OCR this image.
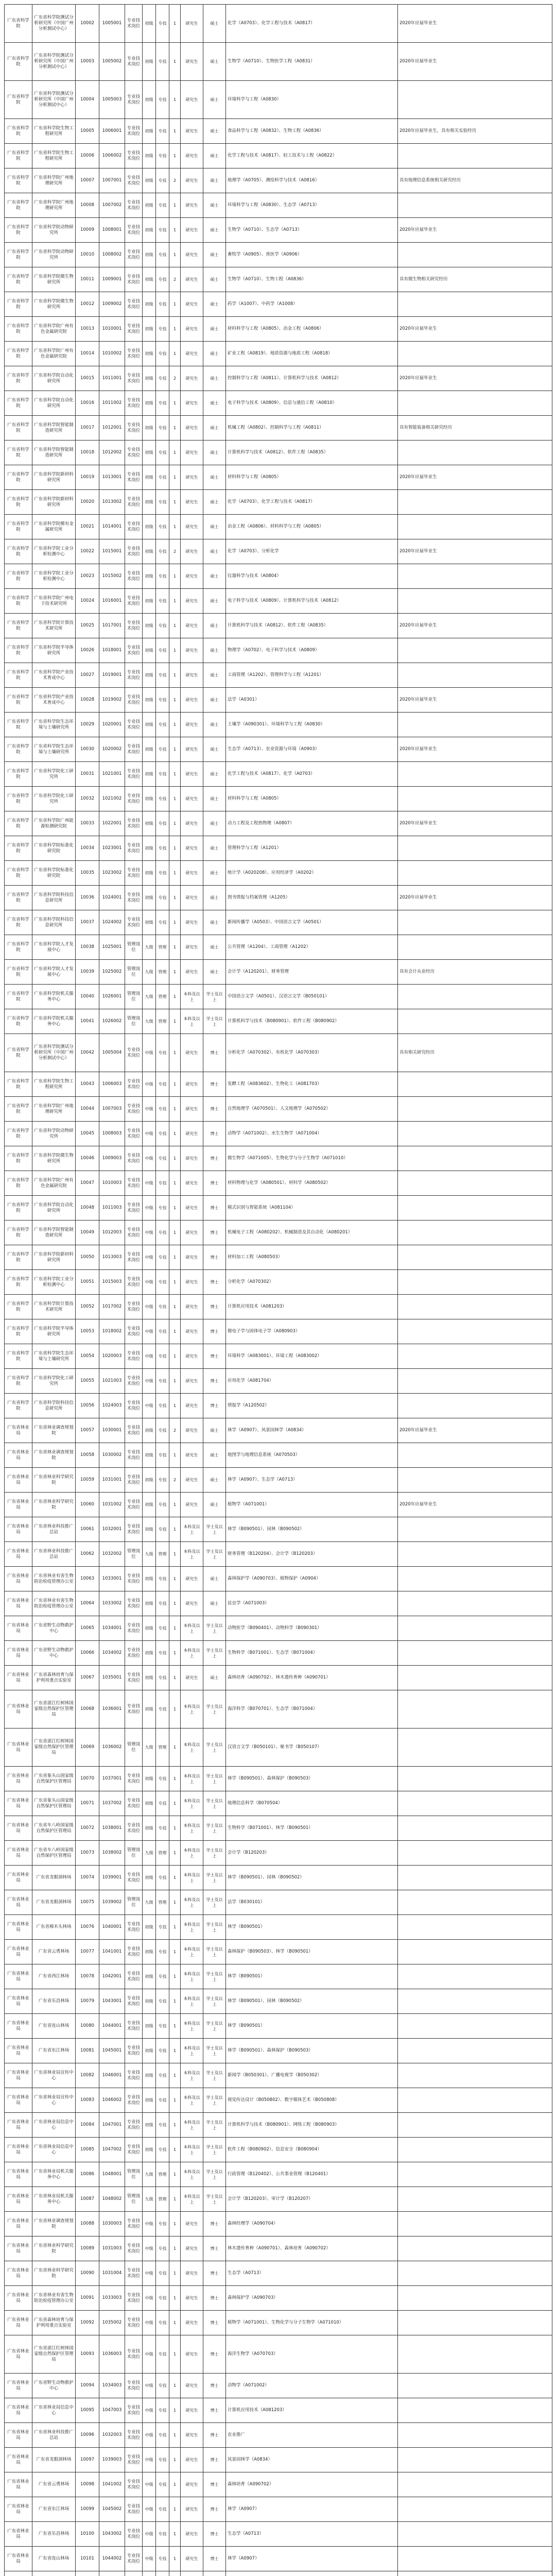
广东省科学院	广东省科学院测试分析研究所（中国广州分析测试中心）	10002	1005001	专业技术岗位	初级	专技	1	研究生	硕士	化学（A0703）、化学工程与技术（A0817）	2020年应届毕业生
广东省科学院	广东省科学院测试分析研究所（中国广州分析测试中心）	10003	1005002	专业技术岗位	初级	专技	1	研究生	硕士	生物学（A0710）、生物医学工程（A0831）	2020年应届毕业生
广东省科学院	广东省科学院测试分析研究所（中国广州分析测试中心）	10004	1005003	专业技术岗位	初级	专技	1	研究生	硕士	环境科学与工程（A0830）	
广东省科学院	广东省科学院生物工程研究所	10005	1006001	专业技术岗位	初级	专技	1	研究生	硕士	食品科学与工程（A0832）、生物工程（A0836）	2020年应届毕业生，具有相关实验经历
广东省科学院	广东省科学院生物工程研究所	10006	1006002	专业技术岗位	初级	专技	1	研究生	硕士	化学工程与技术（A0817）、轻工技术与工程（A0822）	
广东省科学院	广东省科学院广州地理研究所	10007	1007001	专业技术岗位	初级	专技	2	研究生	硕士	地理学（A0705）、测绘科学与技术（A0816）	具有地理信息系统相关研究经历
广东省科学院	广东省科学院广州地理研究所	10008	1007002	专业技术岗位	初级	专技	1	研究生	硕士	环境科学与工程（A0830）、生态学（A0713）	
广东省科学院	广东省科学院动物研究所	10009	1008001	专业技术岗位	初级	专技	1	研究生	硕士	生物学（A0710）、生态学（A0713）	2020年应届毕业生
广东省科学院	广东省科学院动物研究所	10010	1008002	专业技术岗位	初级	专技	1	研究生	硕士	畜牧学（A0905）、兽医学（A0906）	
广东省科学院	广东省科学院微生物研究所	10011	1009001	专业技术岗位	初级	专技	2	研究生	硕士	生物学（A0710）、生物工程（A0836）	具有微生物相关研究经历
广东省科学院	广东省科学院微生物研究所	10012	1009002	专业技术岗位	初级	专技	1	研究生	硕士	药学（A1007）、中药学（A1008）	
广东省科学院	广东省科学院广州有色金属研究院	10013	1010001	专业技术岗位	初级	专技	1	研究生	硕士	材料科学与工程（A0805）、冶金工程（A0806）	2020年应届毕业生
广东省科学院	广东省科学院广州有色金属研究院	10014	1010002	专业技术岗位	初级	专技	1	研究生	硕士	矿业工程（A0819）、地质资源与地质工程（A0818）	
广东省科学院	广东省科学院自动化研究所	10015	1011001	专业技术岗位	初级	专技	2	研究生	硕士	控制科学与工程（A0811）、计算机科学与技术（A0812）	2020年应届毕业生
广东省科学院	广东省科学院自动化研究所	10016	1011002	专业技术岗位	初级	专技	1	研究生	硕士	电子科学与技术（A0809）、信息与通信工程（A0810）	
广东省科学院	广东省科学院智能制造研究所	10017	1012001	专业技术岗位	初级	专技	1	研究生	硕士	机械工程（A0802）、控制科学与工程（A0811）	具有智能装备相关研究经历
广东省科学院	广东省科学院智能制造研究所	10018	1012002	专业技术岗位	初级	专技	1	研究生	硕士	计算机科学与技术（A0812）、软件工程（A0835）	
广东省科学院	广东省科学院新材料研究所	10019	1013001	专业技术岗位	初级	专技	1	研究生	硕士	材料科学与工程（A0805）	2020年应届毕业生
广东省科学院	广东省科学院新材料研究所	10020	1013002	专业技术岗位	初级	专技	1	研究生	硕士	化学（A0703）、化学工程与技术（A0817）	
广东省科学院	广东省科学院稀有金属研究所	10021	1014001	专业技术岗位	初级	专技	1	研究生	硕士	冶金工程（A0806）、材料科学与工程（A0805）	
广东省科学院	广东省科学院工业分析检测中心	10022	1015001	专业技术岗位	初级	专技	2	研究生	硕士	化学（A0703）、分析化学	2020年应届毕业生
广东省科学院	广东省科学院工业分析检测中心	10023	1015002	专业技术岗位	初级	专技	1	研究生	硕士	仪器科学与技术（A0804）	
广东省科学院	广东省科学院广州电子技术研究所	10024	1016001	专业技术岗位	初级	专技	1	研究生	硕士	电子科学与技术（A0809）、计算机科学与技术（A0812）	
广东省科学院	广东省科学院计算技术研究所	10025	1017001	专业技术岗位	初级	专技	1	研究生	硕士	计算机科学与技术（A0812）、软件工程（A0835）	2020年应届毕业生
广东省科学院	广东省科学院半导体研究所	10026	1018001	专业技术岗位	初级	专技	1	研究生	硕士	物理学（A0702）、电子科学与技术（A0809）	
广东省科学院	广东省科学院产业技术育成中心	10027	1019001	专业技术岗位	初级	专技	1	研究生	硕士	工商管理（A1202）、管理科学与工程（A1201）	
广东省科学院	广东省科学院产业技术育成中心	10028	1019002	专业技术岗位	初级	专技	1	研究生	硕士	法学（A0301）	2020年应届毕业生
广东省科学院	广东省科学院生态环境与土壤研究所	10029	1020001	专业技术岗位	初级	专技	1	研究生	硕士	土壤学（A090301）、环境科学与工程（A0830）	
广东省科学院	广东省科学院生态环境与土壤研究所	10030	1020002	专业技术岗位	初级	专技	1	研究生	硕士	生态学（A0713）、农业资源与环境（A0903）	2020年应届毕业生
广东省科学院	广东省科学院化工研究所	10031	1021001	专业技术岗位	初级	专技	1	研究生	硕士	化学工程与技术（A0817）、化学（A0703）	
广东省科学院	广东省科学院化工研究所	10032	1021002	专业技术岗位	初级	专技	1	研究生	硕士	材料科学与工程（A0805）	
广东省科学院	广东省科学院广州能源检测研究院	10033	1022001	专业技术岗位	初级	专技	1	研究生	硕士	动力工程及工程热物理（A0807）	2020年应届毕业生
广东省科学院	广东省科学院标准化研究院	10034	1023001	专业技术岗位	初级	专技	1	研究生	硕士	管理科学与工程（A1201）	
广东省科学院	广东省科学院标准化研究院	10035	1023002	专业技术岗位	初级	专技	1	研究生	硕士	统计学（A020208）、应用经济学（A0202）	
广东省科学院	广东省科学院科技信息研究所	10036	1024001	专业技术岗位	初级	专技	1	研究生	硕士	图书情报与档案管理（A1205）	2020年应届毕业生
广东省科学院	广东省科学院科技信息研究所	10037	1024002	专业技术岗位	初级	专技	1	研究生	硕士	新闻传播学（A0503）、中国语言文学（A0501）	
广东省科学院	广东省科学院人才发展中心	10038	1025001	管理岗位	九级	管理	1	研究生	硕士	公共管理（A1204）、工商管理（A1202）	
广东省科学院	广东省科学院人才发展中心	10039	1025002	管理岗位	九级	管理	1	研究生	硕士	会计学（A120201）、财务管理	具有会计从业经历
广东省科学院	广东省科学院机关服务中心	10040	1026001	管理岗位	九级	管理	1	本科及以上	学士及以上	中国语言文学（A0501）、汉语言文学（B050101）	
广东省科学院	广东省科学院机关服务中心	10041	1026002	管理岗位	九级	管理	1	本科及以上	学士及以上	计算机科学与技术（B080901）、软件工程（B080902）	
广东省科学院	广东省科学院测试分析研究所（中国广州分析测试中心）	10042	1005004	专业技术岗位	中级	专技	1	研究生	博士	分析化学（A070302）、有机化学（A070303）	具有相关研究经历
广东省科学院	广东省科学院生物工程研究所	10043	1006003	专业技术岗位	中级	专技	1	研究生	博士	发酵工程（A083602）、生物化工（A081703）	
广东省科学院	广东省科学院广州地理研究所	10044	1007003	专业技术岗位	中级	专技	1	研究生	博士	自然地理学（A070501）、人文地理学（A070502）	
广东省科学院	广东省科学院动物研究所	10045	1008003	专业技术岗位	中级	专技	1	研究生	博士	动物学（A071002）、水生生物学（A071004）	
广东省科学院	广东省科学院微生物研究所	10046	1009003	专业技术岗位	中级	专技	1	研究生	博士	微生物学（A071005）、生物化学与分子生物学（A071010）	
广东省科学院	广东省科学院广州有色金属研究院	10047	1010003	专业技术岗位	中级	专技	1	研究生	博士	材料物理与化学（A080501）、材料学（A080502）	
广东省科学院	广东省科学院自动化研究所	10048	1011003	专业技术岗位	中级	专技	1	研究生	博士	模式识别与智能系统（A081104）	
广东省科学院	广东省科学院智能制造研究所	10049	1012003	专业技术岗位	中级	专技	1	研究生	博士	机械电子工程（A080202）、机械制造及其自动化（A080201）	
广东省科学院	广东省科学院新材料研究所	10050	1013003	专业技术岗位	中级	专技	1	研究生	博士	材料加工工程（A080503）	
广东省科学院	广东省科学院工业分析检测中心	10051	1015003	专业技术岗位	中级	专技	1	研究生	博士	分析化学（A070302）	
广东省科学院	广东省科学院计算技术研究所	10052	1017002	专业技术岗位	中级	专技	1	研究生	博士	计算机应用技术（A081203）	
广东省科学院	广东省科学院半导体研究所	10053	1018002	专业技术岗位	中级	专技	1	研究生	博士	微电子学与固体电子学（A080903）	
广东省科学院	广东省科学院生态环境与土壤研究所	10054	1020003	专业技术岗位	中级	专技	1	研究生	博士	环境科学（A083001）、环境工程（A083002）	
广东省科学院	广东省科学院化工研究所	10055	1021003	专业技术岗位	中级	专技	1	研究生	博士	应用化学（A081704）	
广东省科学院	广东省科学院科技信息研究所	10056	1024003	专业技术岗位	中级	专技	1	研究生	博士	情报学（A120502）	
广东省林业局	广东省林业调查规划院	10057	1030001	专业技术岗位	初级	专技	2	研究生	硕士	林学（A0907）、风景园林学（A0834）	2020年应届毕业生
广东省林业局	广东省林业调查规划院	10058	1030002	专业技术岗位	初级	专技	1	研究生	硕士	地图学与地理信息系统（A070503）	
广东省林业局	广东省林业科学研究院	10059	1031001	专业技术岗位	初级	专技	2	研究生	硕士	林学（A0907）、生态学（A0713）	
广东省林业局	广东省林业科学研究院	10060	1031002	专业技术岗位	初级	专技	1	研究生	硕士	植物学（A071001）	2020年应届毕业生
广东省林业局	广东省林业科技推广总站	10061	1032001	专业技术岗位	初级	专技	1	本科及以上	学士及以上	林学（B090501）、园林（B090502）	
广东省林业局	广东省林业科技推广总站	10062	1032002	管理岗位	九级	管理	1	本科及以上	学士及以上	财务管理（B120204）、会计学（B120203）	
广东省林业局	广东省林业有害生物防治检疫管理办公室	10063	1033001	专业技术岗位	初级	专技	1	研究生	硕士	森林保护学（A090703）、植物保护（A0904）	
广东省林业局	广东省林业有害生物防治检疫管理办公室	10064	1033002	专业技术岗位	初级	专技	1	研究生	硕士	昆虫学（A071003）	
广东省林业局	广东省野生动物救护中心	10065	1034001	专业技术岗位	初级	专技	1	本科及以上	学士及以上	动物医学（B090401）、动物科学（B090301）	
广东省林业局	广东省野生动物救护中心	10066	1034002	专业技术岗位	初级	专技	1	本科及以上	学士及以上	生物科学（B071001）、生态学（B071004）	
广东省林业局	广东省森林培育与保护利用重点实验室	10067	1035001	专业技术岗位	初级	专技	1	研究生	硕士	森林培育（A090702）、林木遗传育种（A090701）	
广东省林业局	广东省湛江红树林国家级自然保护区管理局	10068	1036001	专业技术岗位	初级	专技	1	本科及以上	学士及以上	海洋科学（B070701）、生态学（B071004）	
广东省林业局	广东省湛江红树林国家级自然保护区管理局	10069	1036002	管理岗位	九级	管理	1	本科及以上	学士及以上	汉语言文学（B050101）、秘书学（B050107）	
广东省林业局	广东省象头山国家级自然保护区管理局	10070	1037001	专业技术岗位	初级	专技	1	本科及以上	学士及以上	林学（B090501）、森林保护（B090503）	
广东省林业局	广东省象头山国家级自然保护区管理局	10071	1037002	专业技术岗位	初级	专技	1	本科及以上	学士及以上	地理信息科学（B070504）	
广东省林业局	广东省车八岭国家级自然保护区管理局	10072	1038001	专业技术岗位	初级	专技	1	本科及以上	学士及以上	生物科学（B071001）、林学（B090501）	
广东省林业局	广东省车八岭国家级自然保护区管理局	10073	1038002	管理岗位	九级	管理	1	本科及以上	学士及以上	会计学（B120203）	
广东省林业局	广东省龙眼洞林场	10074	1039001	专业技术岗位	初级	专技	1	本科及以上	学士及以上	林学（B090501）、园林（B090502）	
广东省林业局	广东省龙眼洞林场	10075	1039002	管理岗位	九级	管理	1	本科及以上	学士及以上	法学（B030101）	
广东省林业局	广东省樟木头林场	10076	1040001	专业技术岗位	初级	专技	1	本科及以上	学士及以上	林学（B090501）	
广东省林业局	广东省云勇林场	10077	1041001	专业技术岗位	初级	专技	1	本科及以上	学士及以上	森林保护（B090503）、林学（B090501）	
广东省林业局	广东省西江林场	10078	1042001	专业技术岗位	初级	专技	1	本科及以上	学士及以上	林学（B090501）	
广东省林业局	广东省乐昌林场	10079	1043001	专业技术岗位	初级	专技	1	本科及以上	学士及以上	林学（B090501）、园林（B090502）	
广东省林业局	广东省连山林场	10080	1044001	专业技术岗位	初级	专技	1	本科及以上	学士及以上	林学（B090501）	
广东省林业局	广东省东江林场	10081	1045001	专业技术岗位	初级	专技	1	本科及以上	学士及以上	林学（B090501）、森林保护（B090503）	
广东省林业局	广东省林业局宣传中心	10082	1046001	专业技术岗位	初级	专技	1	本科及以上	学士及以上	新闻学（B050301）、广播电视学（B050302）	
广东省林业局	广东省林业局宣传中心	10083	1046002	专业技术岗位	初级	专技	1	本科及以上	学士及以上	视觉传达设计（B050802）、数字媒体艺术（B050808）	
广东省林业局	广东省林业局信息中心	10084	1047001	专业技术岗位	初级	专技	1	本科及以上	学士及以上	计算机科学与技术（B080901）、网络工程（B080903）	
广东省林业局	广东省林业局信息中心	10085	1047002	专业技术岗位	初级	专技	1	本科及以上	学士及以上	软件工程（B080902）、信息安全（B080904）	
广东省林业局	广东省林业局机关服务中心	10086	1048001	管理岗位	九级	管理	1	本科及以上	学士及以上	行政管理（B120402）、公共事业管理（B120401）	
广东省林业局	广东省林业局机关服务中心	10087	1048002	管理岗位	九级	管理	1	本科及以上	学士及以上	会计学（B120203）、审计学（B120207）	
广东省林业局	广东省林业调查规划院	10088	1030003	专业技术岗位	中级	专技	1	研究生	博士	森林经理学（A090704）	
广东省林业局	广东省林业科学研究院	10089	1031003	专业技术岗位	中级	专技	1	研究生	博士	林木遗传育种（A090701）、森林培育（A090702）	
广东省林业局	广东省林业科学研究院	10090	1031004	专业技术岗位	中级	专技	1	研究生	博士	生态学（A0713）	
广东省林业局	广东省林业有害生物防治检疫管理办公室	10091	1033003	专业技术岗位	中级	专技	1	研究生	博士	森林保护学（A090703）	
广东省林业局	广东省森林培育与保护利用重点实验室	10092	1035002	专业技术岗位	中级	专技	1	研究生	博士	植物学（A071001）、生物化学与分子生物学（A071010）	
广东省林业局	广东省湛江红树林国家级自然保护区管理局	10093	1036003	专业技术岗位	中级	专技	1	研究生	博士	海洋生物学（A070703）	
广东省林业局	广东省野生动物救护中心	10094	1034003	专业技术岗位	中级	专技	1	研究生	博士	动物学（A071002）	
广东省林业局	广东省林业局信息中心	10095	1047003	专业技术岗位	中级	专技	1	研究生	博士	计算机应用技术（A081203）	
广东省林业局	广东省林业科技推广总站	10096	1032003	专业技术岗位	中级	专技	1	研究生	博士	农业推广	
广东省林业局	广东省龙眼洞林场	10097	1039003	专业技术岗位	中级	专技	1	研究生	博士	风景园林学（A0834）	
广东省林业局	广东省云勇林场	10098	1041002	专业技术岗位	中级	专技	1	研究生	博士	森林培育（A090702）	
广东省林业局	广东省东江林场	10099	1045002	专业技术岗位	中级	专技	1	研究生	博士	林学（A0907）	
广东省林业局	广东省乐昌林场	10100	1043002	专业技术岗位	中级	专技	1	研究生	博士	生态学（A0713）	
广东省林业局	广东省连山林场	10101	1044002	专业技术岗位	中级	专技	1	研究生	博士	林学（A0907）	
